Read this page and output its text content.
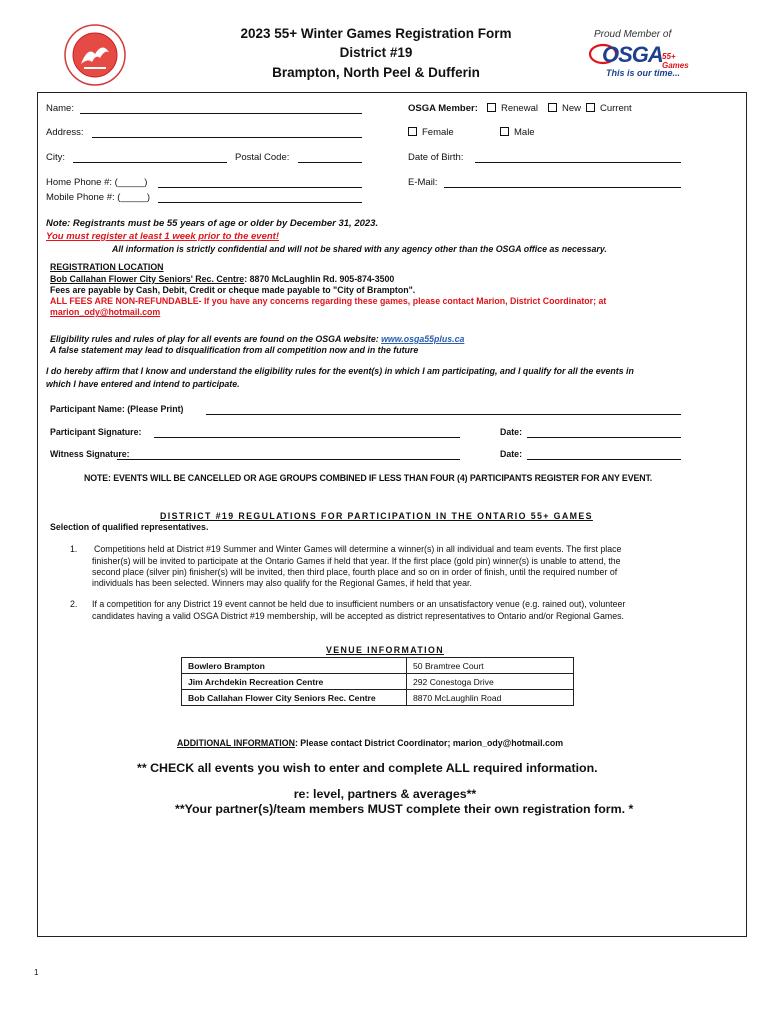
2023 55+ Winter Games Registration Form
District #19
Brampton, North Peel & Dufferin
Proud Member of
OSGA 55+ Games
This is our time...
Name:
Address:
City:	Postal Code:
Home Phone #: (_____)
Mobile Phone #: (_____)
OSGA Member:	Renewal	New	Current
Female	Male
Date of Birth:
E-Mail:
Note: Registrants must be 55 years of age or older by December 31, 2023.
You must register at least 1 week prior to the event!
All information is strictly confidential and will not be shared with any agency other than the OSGA office as necessary.
REGISTRATION LOCATION
Bob Callahan Flower City Seniors' Rec. Centre: 8870 McLaughlin Rd. 905-874-3500
Fees are payable by Cash, Debit, Credit or cheque made payable to "City of Brampton".
ALL FEES ARE NON-REFUNDABLE- If you have any concerns regarding these games, please contact Marion, District Coordinator; at
marion_ody@hotmail.com
Eligibility rules and rules of play for all events are found on the OSGA website: www.osga55plus.ca
A false statement may lead to disqualification from all competition now and in the future
I do hereby affirm that I know and understand the eligibility rules for the event(s) in which I am participating, and I qualify for all the events in
which I have entered and intend to participate.
Participant Name: (Please Print)
Participant Signature:	Date:
Witness Signature:	Date:
NOTE: EVENTS WILL BE CANCELLED OR AGE GROUPS COMBINED IF LESS THAN FOUR (4) PARTICIPANTS REGISTER FOR ANY EVENT.
DISTRICT #19 REGULATIONS FOR PARTICIPATION IN THE ONTARIO 55+ GAMES
Selection of qualified representatives.
1. Competitions held at District #19 Summer and Winter Games will determine a winner(s) in all individual and team events. The first place
finisher(s) will be invited to participate at the Ontario Games if held that year. If the first place (gold pin) winner(s) is unable to attend, the
second place (silver pin) finisher(s) will be invited, then third place, fourth place and so on in order of finish, until the required number of
individuals has been selected. Winners may also qualify for the Regional Games, if held that year.
2. If a competition for any District 19 event cannot be held due to insufficient numbers or an unsatisfactory venue (e.g. rained out), volunteer
candidates having a valid OSGA District #19 membership, will be accepted as district representatives to Ontario and/or Regional Games.
VENUE INFORMATION
Bowlero Brampton	50 Bramtree Court
Jim Archdekin Recreation Centre	292 Conestoga Drive
Bob Callahan Flower City Seniors Rec. Centre	8870 McLaughlin Road
ADDITIONAL INFORMATION: Please contact District Coordinator; marion_ody@hotmail.com
** CHECK all events you wish to enter and complete ALL required information.
re: level, partners & averages**
**Your partner(s)/team members MUST complete their own registration form. *
1
